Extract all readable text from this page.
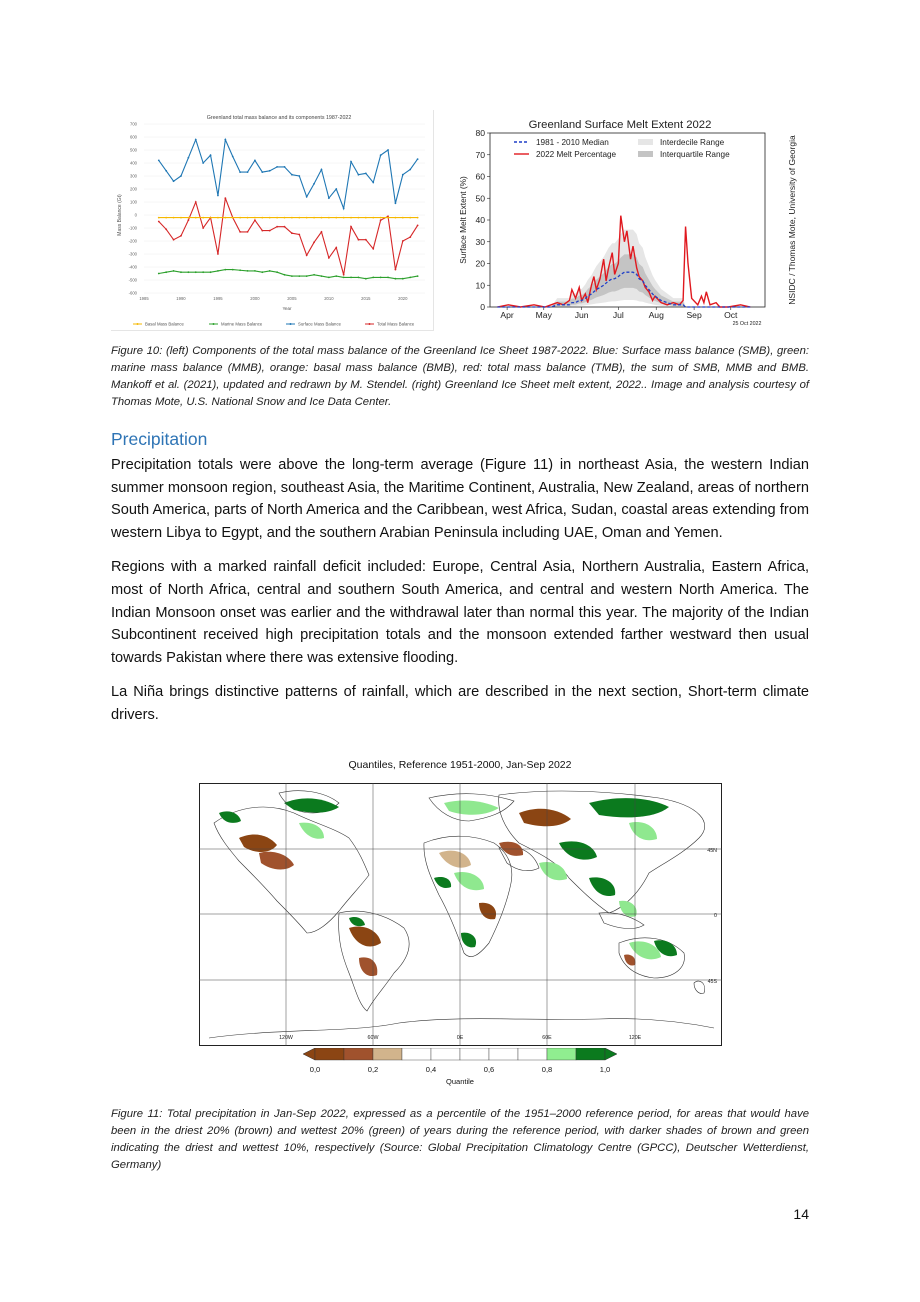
Greenland total mass balance and its components 1987-2022
Mass Balance (Gt)
Year
700
600
500
400
300
200
100
0
-100
-200
-300
-400
-500
-600
1985	1990	1995	2000	2005	2010	2015	2020
Basal Mass Balance	Marine Mass Balance	Surface Mass Balance	Total Mass Balance
Greenland Surface Melt Extent 2022
Surface Melt Extent (%)
0
10
20
30
40
50
60
70
80
Apr	May	Jun	Jul	Aug	Sep	Oct
1981 - 2010 Median
2022 Melt Percentage
Interdecile Range
Interquartile Range
25 Oct 2022
NSIDC / Thomas Mote, University of Georgia
Figure 10: (left) Components of the total mass balance of the Greenland Ice Sheet 1987-2022. Blue: Surface mass balance (SMB), green: marine mass balance (MMB), orange: basal mass balance (BMB), red: total mass balance (TMB), the sum of SMB, MMB and BMB. Mankoff et al. (2021), updated and redrawn by M. Stendel. (right) Greenland Ice Sheet melt extent, 2022.. Image and analysis courtesy of Thomas Mote, U.S. National Snow and Ice Data Center.
Precipitation

Precipitation totals were above the long-term average (Figure 11) in northeast Asia, the western Indian summer monsoon region, southeast Asia, the Maritime Continent, Australia, New Zealand, areas of northern South America, parts of North America and the Caribbean, west Africa, Sudan, coastal areas extending from western Libya to Egypt, and the southern Arabian Peninsula including UAE, Oman and Yemen.

Regions with a marked rainfall deficit included: Europe, Central Asia, Northern Australia, Eastern Africa, most of North Africa, central and southern South America, and central and western North America. The Indian Monsoon onset was earlier and the withdrawal later than normal this year. The majority of the Indian Subcontinent received high precipitation totals and the monsoon extended farther westward then usual towards Pakistan where there was extensive flooding.

La Niña brings distinctive patterns of rainfall, which are described in the next section, Short-term climate drivers.

Quantiles, Reference 1951-2000, Jan-Sep 2022
120W	60W	0E	60E	120E
45N
0
45S
0,0	0,2	0,4	0,6	0,8	1,0
Quantile
Figure 11: Total precipitation in Jan-Sep 2022, expressed as a percentile of the 1951–2000 reference period, for areas that would have been in the driest 20% (brown) and wettest 20% (green) of years during the reference period, with darker shades of brown and green indicating the driest and wettest 10%, respectively (Source: Global Precipitation Climatology Centre (GPCC), Deutscher Wetterdienst, Germany)
14
